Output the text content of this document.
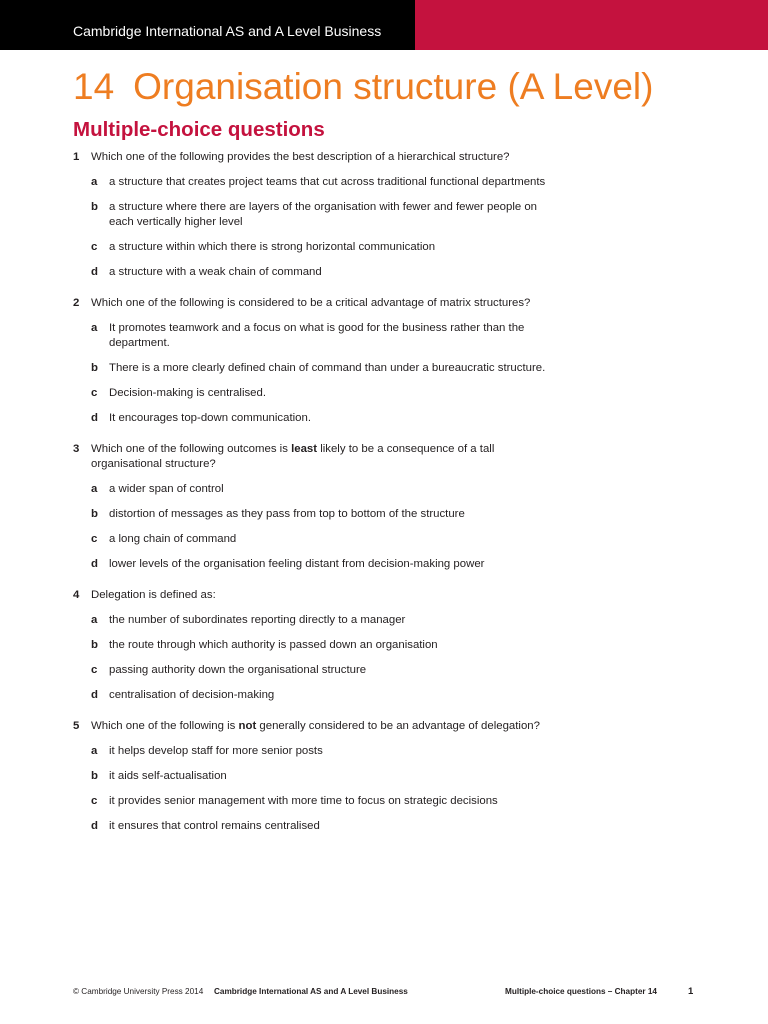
Cambridge International AS and A Level Business
14 Organisation structure (A Level)
Multiple-choice questions
1 Which one of the following provides the best description of a hierarchical structure?
a a structure that creates project teams that cut across traditional functional departments
b a structure where there are layers of the organisation with fewer and fewer people on
each vertically higher level
c a structure within which there is strong horizontal communication
d a structure with a weak chain of command
2 Which one of the following is considered to be a critical advantage of matrix structures?
a It promotes teamwork and a focus on what is good for the business rather than the
department.
b There is a more clearly defined chain of command than under a bureaucratic structure.
c Decision-making is centralised.
d It encourages top-down communication.
3 Which one of the following outcomes is least likely to be a consequence of a tall
organisational structure?
a a wider span of control
b distortion of messages as they pass from top to bottom of the structure
c a long chain of command
d lower levels of the organisation feeling distant from decision-making power
4 Delegation is defined as:
a the number of subordinates reporting directly to a manager
b the route through which authority is passed down an organisation
c passing authority down the organisational structure
d centralisation of decision-making
5 Which one of the following is not generally considered to be an advantage of delegation?
a it helps develop staff for more senior posts
b it aids self-actualisation
c it provides senior management with more time to focus on strategic decisions
d it ensures that control remains centralised
© Cambridge University Press 2014 Cambridge International AS and A Level Business	Multiple-choice questions – Chapter 14	1
